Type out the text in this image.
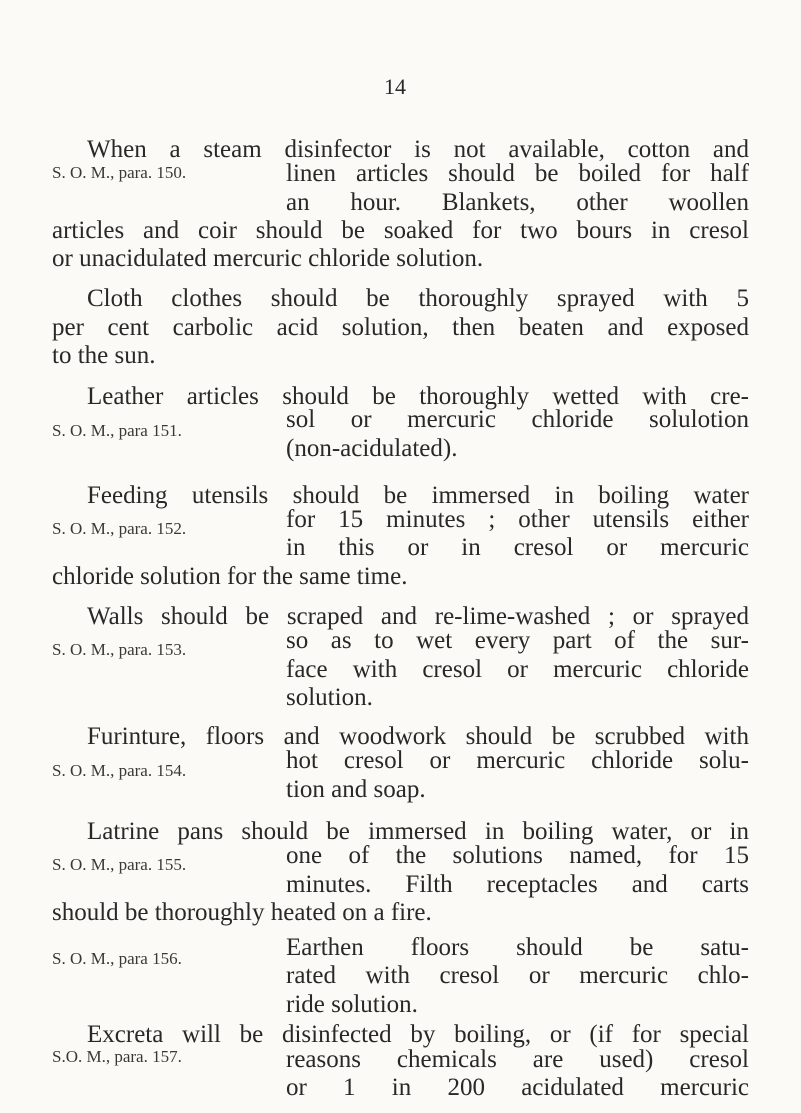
14
S. O. M., para. 150.
When a steam disinfector is not available, cotton and
linen articles should be boiled for half
an hour. Blankets, other woollen
articles and coir should be soaked for two bours in cresol
or unacidulated mercuric chloride solution.
Cloth clothes should be thoroughly sprayed with 5
per cent carbolic acid solution, then beaten and exposed
to the sun.
Leather articles should be thoroughly wetted with cre-
S. O. M., para 151.	sol or mercuric chloride solulotion
(non-acidulated).
Feeding utensils should be immersed in boiling water
S. O. M., para. 152.	for 15 minutes ; other utensils either
in this or in cresol or mercuric
chloride solution for the same time.
Walls should be scraped and re-lime-washed ; or sprayed
S. O. M., para. 153.	so as to wet every part of the sur-
face with cresol or mercuric chloride
solution.
Furinture, floors and woodwork should be scrubbed with
S. O. M., para. 154.	hot cresol or mercuric chloride solu-
tion and soap.
Latrine pans should be immersed in boiling water, or in
S. O. M., para. 155.	one of the solutions named, for 15
minutes. Filth receptacles and carts
should be thoroughly heated on a fire.
S. O. M., para 156.	Earthen floors should be satu-
rated with cresol or mercuric chlo-
ride solution.
Excreta will be disinfected by boiling, or (if for special
S.O. M., para. 157.	reasons chemicals are used) cresol
or 1 in 200 acidulated mercuric
